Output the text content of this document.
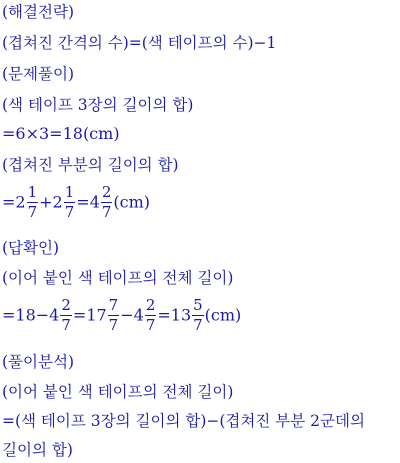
(해결전략)
(겹쳐진 간격의 수)=(색 테이프의 수)−1
(문제풀이)
(색 테이프 3장의 길이의 합)
=6×3=18(cm)
(겹쳐진 부분의 길이의 합)
$=2 \frac{1}{7} +2 \frac{1}{7} =4 \frac{2}{7} (cm)$
(답확인)
(이어 붙인 색 테이프의 전체 길이)
$=18-4 \frac{2}{7} =17 \frac{7}{7} -4 \frac{2}{7} =13 \frac{5}{7} (cm)$
(풀이분석)
(이어 붙인 색 테이프의 전체 길이)
=(색 테이프 3장의 길이의 합)−(겹쳐진 부분 2군데의
길이의 합)
